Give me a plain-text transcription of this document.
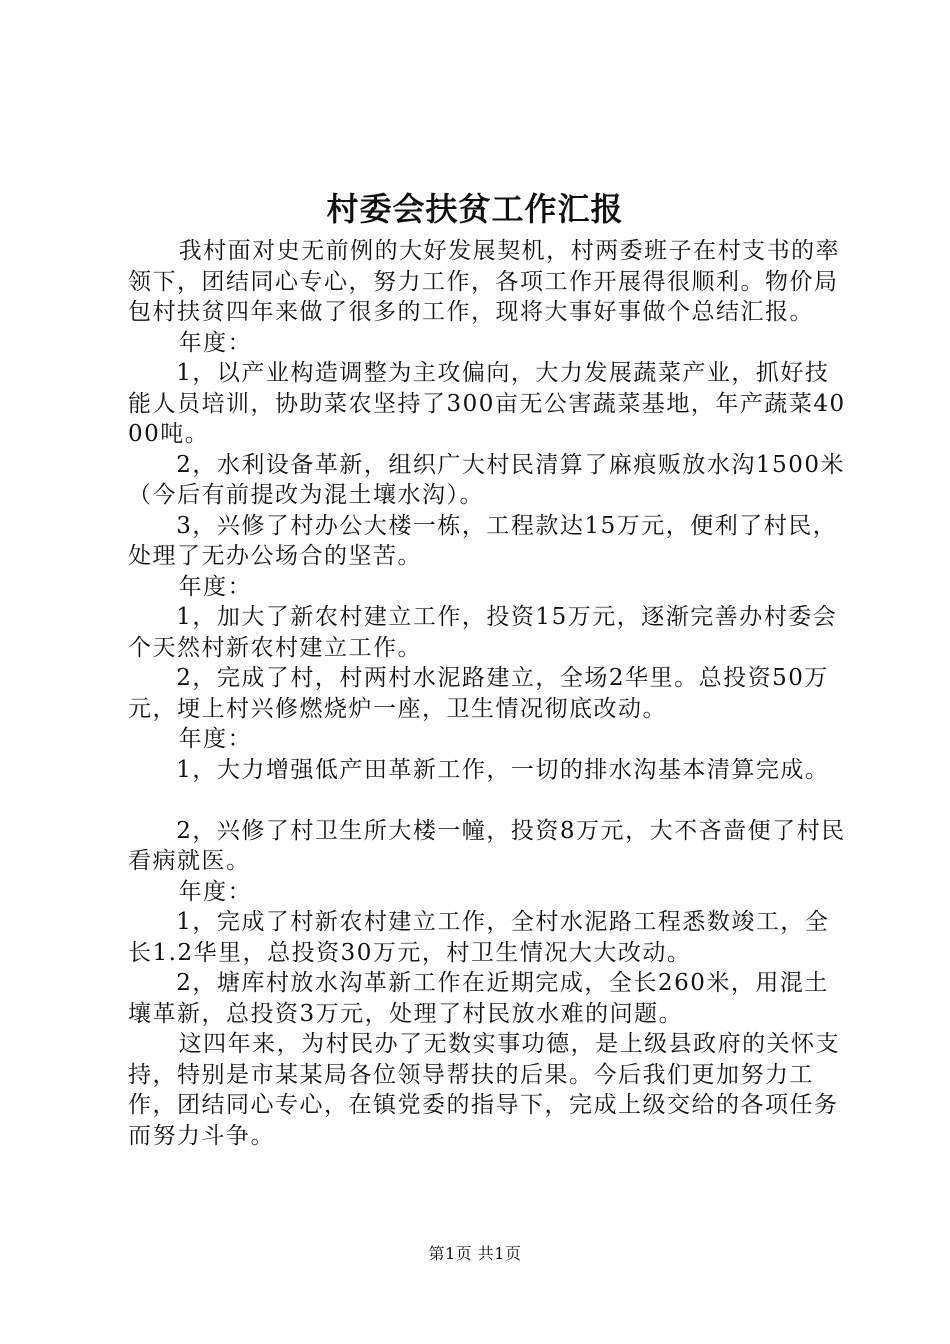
村委会扶贫工作汇报

我村面对史无前例的大好发展契机，村两委班子在村支书的率领下，团结同心专心，努力工作，各项工作开展得很顺利。物价局包村扶贫四年来做了很多的工作，现将大事好事做个总结汇报。

年度：

1，以产业构造调整为主攻偏向，大力发展蔬菜产业，抓好技能人员培训，协助菜农坚持了300亩无公害蔬菜基地，年产蔬菜4000吨。

2，水利设备革新，组织广大村民清算了麻痕贩放水沟1500米（今后有前提改为混土壤水沟）。

3，兴修了村办公大楼一栋，工程款达15万元，便利了村民，处理了无办公场合的坚苦。

年度：

1，加大了新农村建立工作，投资15万元，逐渐完善办村委会个天然村新农村建立工作。

2，完成了村，村两村水泥路建立，全场2华里。总投资50万元，埂上村兴修燃烧炉一座，卫生情况彻底改动。

年度：

1，大力增强低产田革新工作，一切的排水沟基本清算完成。

2，兴修了村卫生所大楼一幢，投资8万元，大不吝啬便了村民看病就医。

年度：

1，完成了村新农村建立工作，全村水泥路工程悉数竣工，全长1.2华里，总投资30万元，村卫生情况大大改动。

2，塘库村放水沟革新工作在近期完成，全长260米，用混土壤革新，总投资3万元，处理了村民放水难的问题。

这四年来，为村民办了无数实事功德，是上级县政府的关怀支持，特别是市某某局各位领导帮扶的后果。今后我们更加努力工作，团结同心专心，在镇党委的指导下，完成上级交给的各项任务而努力斗争。

第1页 共1页
